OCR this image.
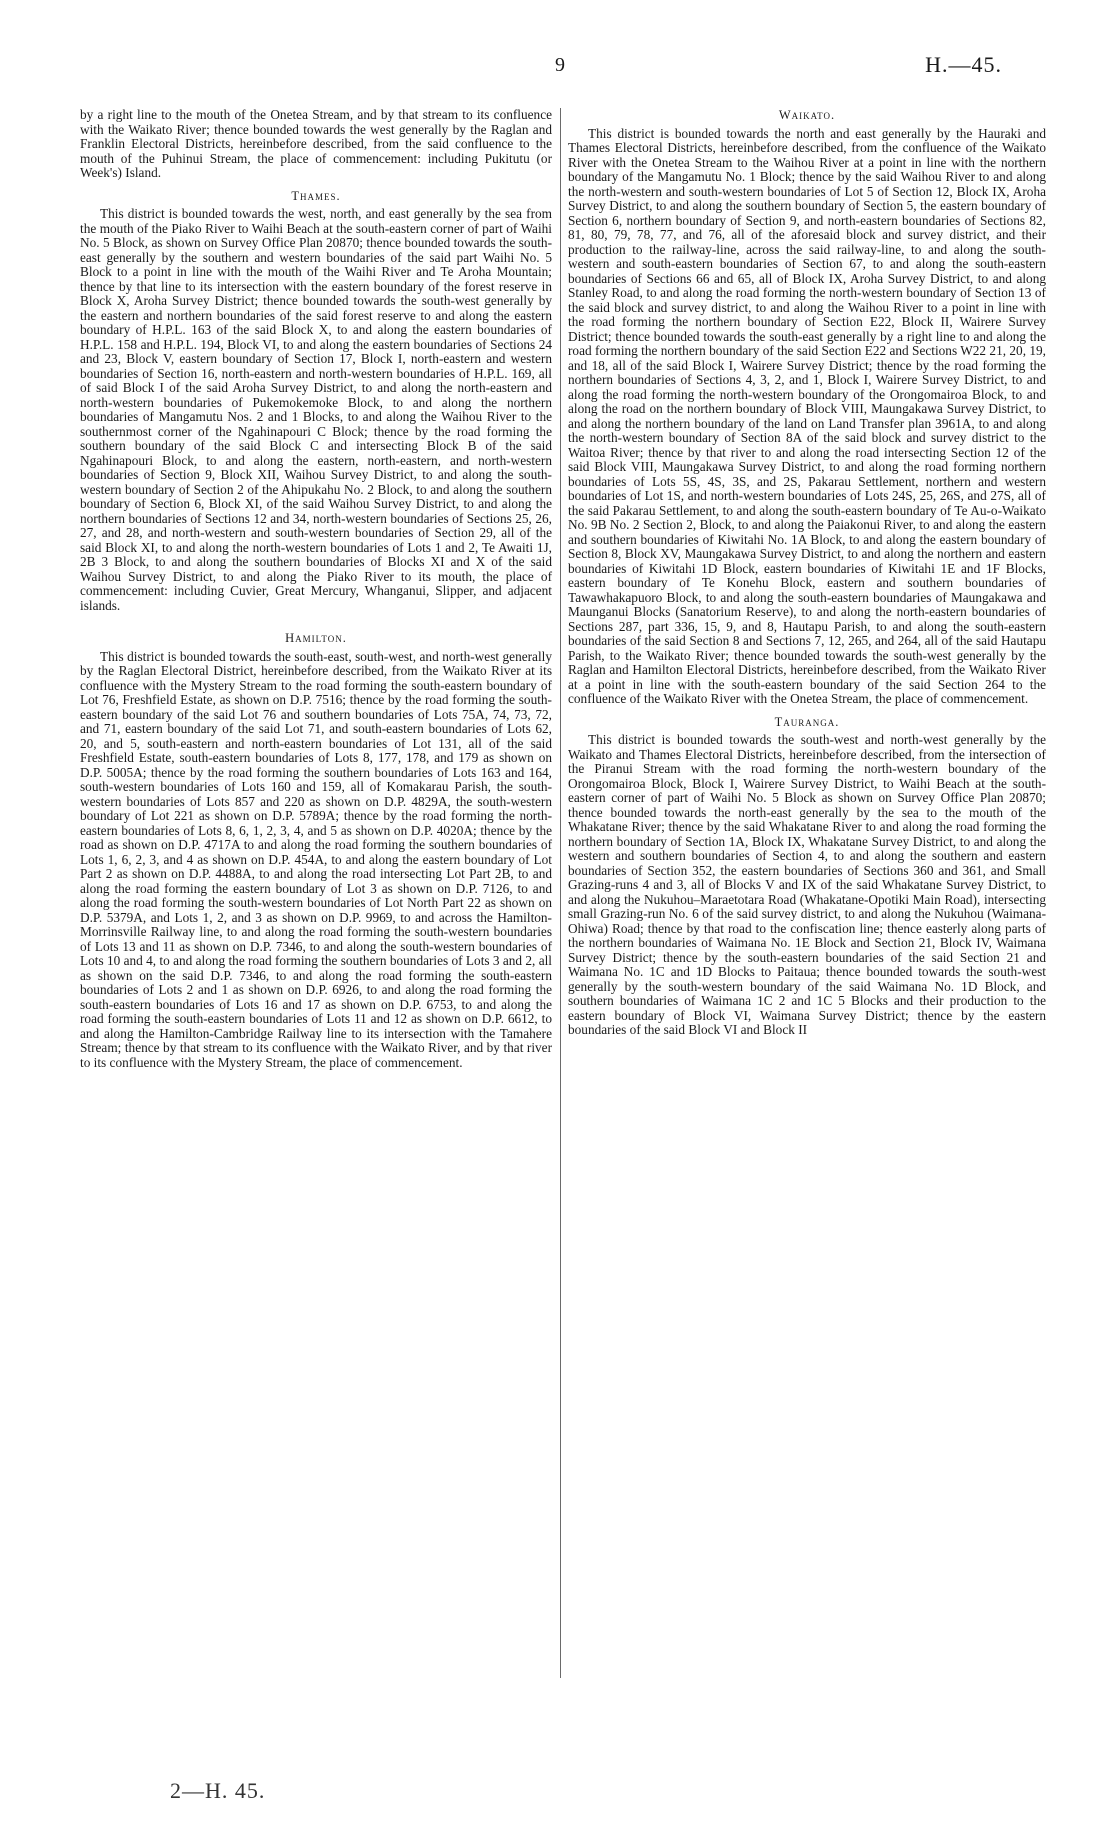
9	H.—45.

by a right line to the mouth of the Onetea Stream, and by that stream to its confluence with the Waikato River; thence bounded towards the west generally by the Raglan and Franklin Electoral Districts, hereinbefore described, from the said confluence to the mouth of the Puhinui Stream, the place of commencement: including Pukitutu (or Week's) Island.

Thames.

This district is bounded towards the west, north, and east generally by the sea from the mouth of the Piako River to Waihi Beach at the south-eastern corner of part of Waihi No. 5 Block, as shown on Survey Office Plan 20870; thence bounded towards the south-east generally by the southern and western boundaries of the said part Waihi No. 5 Block to a point in line with the mouth of the Waihi River and Te Aroha Mountain; thence by that line to its intersection with the eastern boundary of the forest reserve in Block X, Aroha Survey District; thence bounded towards the south-west generally by the eastern and northern boundaries of the said forest reserve to and along the eastern boundary of H.P.L. 163 of the said Block X, to and along the eastern boundaries of H.P.L. 158 and H.P.L. 194, Block VI, to and along the eastern boundaries of Sections 24 and 23, Block V, eastern boundary of Section 17, Block I, north-eastern and western boundaries of Section 16, north-eastern and north-western boundaries of H.P.L. 169, all of said Block I of the said Aroha Survey District, to and along the north-eastern and north-western boundaries of Pukemokemoke Block, to and along the northern boundaries of Mangamutu Nos. 2 and 1 Blocks, to and along the Waihou River to the southernmost corner of the Ngahinapouri C Block; thence by the road forming the southern boundary of the said Block C and intersecting Block B of the said Ngahinapouri Block, to and along the eastern, north-eastern, and north-western boundaries of Section 9, Block XII, Waihou Survey District, to and along the south-western boundary of Section 2 of the Ahipukahu No. 2 Block, to and along the southern boundary of Section 6, Block XI, of the said Waihou Survey District, to and along the northern boundaries of Sections 12 and 34, north-western boundaries of Sections 25, 26, 27, and 28, and north-western and south-western boundaries of Section 29, all of the said Block XI, to and along the north-western boundaries of Lots 1 and 2, Te Awaiti 1J, 2B 3 Block, to and along the southern boundaries of Blocks XI and X of the said Waihou Survey District, to and along the Piako River to its mouth, the place of commencement: including Cuvier, Great Mercury, Whanganui, Slipper, and adjacent islands.

Hamilton.

This district is bounded towards the south-east, south-west, and north-west generally by the Raglan Electoral District, hereinbefore described, from the Waikato River at its confluence with the Mystery Stream to the road forming the south-eastern boundary of Lot 76, Freshfield Estate, as shown on D.P. 7516; thence by the road forming the south-eastern boundary of the said Lot 76 and southern boundaries of Lots 75A, 74, 73, 72, and 71, eastern boundary of the said Lot 71, and south-eastern boundaries of Lots 62, 20, and 5, south-eastern and north-eastern boundaries of Lot 131, all of the said Freshfield Estate, south-eastern boundaries of Lots 8, 177, 178, and 179 as shown on D.P. 5005A; thence by the road forming the southern boundaries of Lots 163 and 164, south-western boundaries of Lots 160 and 159, all of Komakarau Parish, the south-western boundaries of Lots 857 and 220 as shown on D.P. 4829A, the south-western boundary of Lot 221 as shown on D.P. 5789A; thence by the road forming the north-eastern boundaries of Lots 8, 6, 1, 2, 3, 4, and 5 as shown on D.P. 4020A; thence by the road as shown on D.P. 4717A to and along the road forming the southern boundaries of Lots 1, 6, 2, 3, and 4 as shown on D.P. 454A, to and along the eastern boundary of Lot Part 2 as shown on D.P. 4488A, to and along the road intersecting Lot Part 2B, to and along the road forming the eastern boundary of Lot 3 as shown on D.P. 7126, to and along the road forming the south-western boundaries of Lot North Part 22 as shown on D.P. 5379A, and Lots 1, 2, and 3 as shown on D.P. 9969, to and across the Hamilton-Morrinsville Railway line, to and along the road forming the south-western boundaries of Lots 13 and 11 as shown on D.P. 7346, to and along the south-western boundaries of Lots 10 and 4, to and along the road forming the southern boundaries of Lots 3 and 2, all as shown on the said D.P. 7346, to and along the road forming the south-eastern boundaries of Lots 2 and 1 as shown on D.P. 6926, to and along the road forming the south-eastern boundaries of Lots 16 and 17 as shown on D.P. 6753, to and along the road forming the south-eastern boundaries of Lots 11 and 12 as shown on D.P. 6612, to and along the Hamilton-Cambridge Railway line to its intersection with the Tamahere Stream; thence by that stream to its confluence with the Waikato River, and by that river to its confluence with the Mystery Stream, the place of commencement.

Waikato.

This district is bounded towards the north and east generally by the Hauraki and Thames Electoral Districts, hereinbefore described, from the confluence of the Waikato River with the Onetea Stream to the Waihou River at a point in line with the northern boundary of the Mangamutu No. 1 Block; thence by the said Waihou River to and along the north-western and south-western boundaries of Lot 5 of Section 12, Block IX, Aroha Survey District, to and along the southern boundary of Section 5, the eastern boundary of Section 6, northern boundary of Section 9, and north-eastern boundaries of Sections 82, 81, 80, 79, 78, 77, and 76, all of the aforesaid block and survey district, and their production to the railway-line, across the said railway-line, to and along the south-western and south-eastern boundaries of Section 67, to and along the south-eastern boundaries of Sections 66 and 65, all of Block IX, Aroha Survey District, to and along Stanley Road, to and along the road forming the north-western boundary of Section 13 of the said block and survey district, to and along the Waihou River to a point in line with the road forming the northern boundary of Section E22, Block II, Wairere Survey District; thence bounded towards the south-east generally by a right line to and along the road forming the northern boundary of the said Section E22 and Sections W22 21, 20, 19, and 18, all of the said Block I, Wairere Survey District; thence by the road forming the northern boundaries of Sections 4, 3, 2, and 1, Block I, Wairere Survey District, to and along the road forming the north-western boundary of the Orongomairoa Block, to and along the road on the northern boundary of Block VIII, Maungakawa Survey District, to and along the northern boundary of the land on Land Transfer plan 3961A, to and along the north-western boundary of Section 8A of the said block and survey district to the Waitoa River; thence by that river to and along the road intersecting Section 12 of the said Block VIII, Maungakawa Survey District, to and along the road forming northern boundaries of Lots 5S, 4S, 3S, and 2S, Pakarau Settlement, northern and western boundaries of Lot 1S, and north-western boundaries of Lots 24S, 25, 26S, and 27S, all of the said Pakarau Settlement, to and along the south-eastern boundary of Te Au-o-Waikato No. 9B No. 2 Section 2, Block, to and along the Paiakonui River, to and along the eastern and southern boundaries of Kiwitahi No. 1A Block, to and along the eastern boundary of Section 8, Block XV, Maungakawa Survey District, to and along the northern and eastern boundaries of Kiwitahi 1D Block, eastern boundaries of Kiwitahi 1E and 1F Blocks, eastern boundary of Te Konehu Block, eastern and southern boundaries of Tawawhakapuoro Block, to and along the south-eastern boundaries of Maungakawa and Maunganui Blocks (Sanatorium Reserve), to and along the north-eastern boundaries of Sections 287, part 336, 15, 9, and 8, Hautapu Parish, to and along the south-eastern boundaries of the said Section 8 and Sections 7, 12, 265, and 264, all of the said Hautapu Parish, to the Waikato River; thence bounded towards the south-west generally by the Raglan and Hamilton Electoral Districts, hereinbefore described, from the Waikato River at a point in line with the south-eastern boundary of the said Section 264 to the confluence of the Waikato River with the Onetea Stream, the place of commencement.

Tauranga.

This district is bounded towards the south-west and north-west generally by the Waikato and Thames Electoral Districts, hereinbefore described, from the intersection of the Piranui Stream with the road forming the north-western boundary of the Orongomairoa Block, Block I, Wairere Survey District, to Waihi Beach at the south-eastern corner of part of Waihi No. 5 Block as shown on Survey Office Plan 20870; thence bounded towards the north-east generally by the sea to the mouth of the Whakatane River; thence by the said Whakatane River to and along the road forming the northern boundary of Section 1A, Block IX, Whakatane Survey District, to and along the western and southern boundaries of Section 4, to and along the southern and eastern boundaries of Section 352, the eastern boundaries of Sections 360 and 361, and Small Grazing-runs 4 and 3, all of Blocks V and IX of the said Whakatane Survey District, to and along the Nukuhou–Maraetotara Road (Whakatane-Opotiki Main Road), intersecting small Grazing-run No. 6 of the said survey district, to and along the Nukuhou (Waimana-Ohiwa) Road; thence by that road to the confiscation line; thence easterly along parts of the northern boundaries of Waimana No. 1E Block and Section 21, Block IV, Waimana Survey District; thence by the south-eastern boundaries of the said Section 21 and Waimana No. 1C and 1D Blocks to Paitaua; thence bounded towards the south-west generally by the south-western boundary of the said Waimana No. 1D Block, and southern boundaries of Waimana 1C 2 and 1C 5 Blocks and their production to the eastern boundary of Block VI, Waimana Survey District; thence by the eastern boundaries of the said Block VI and Block II

2—H. 45.
